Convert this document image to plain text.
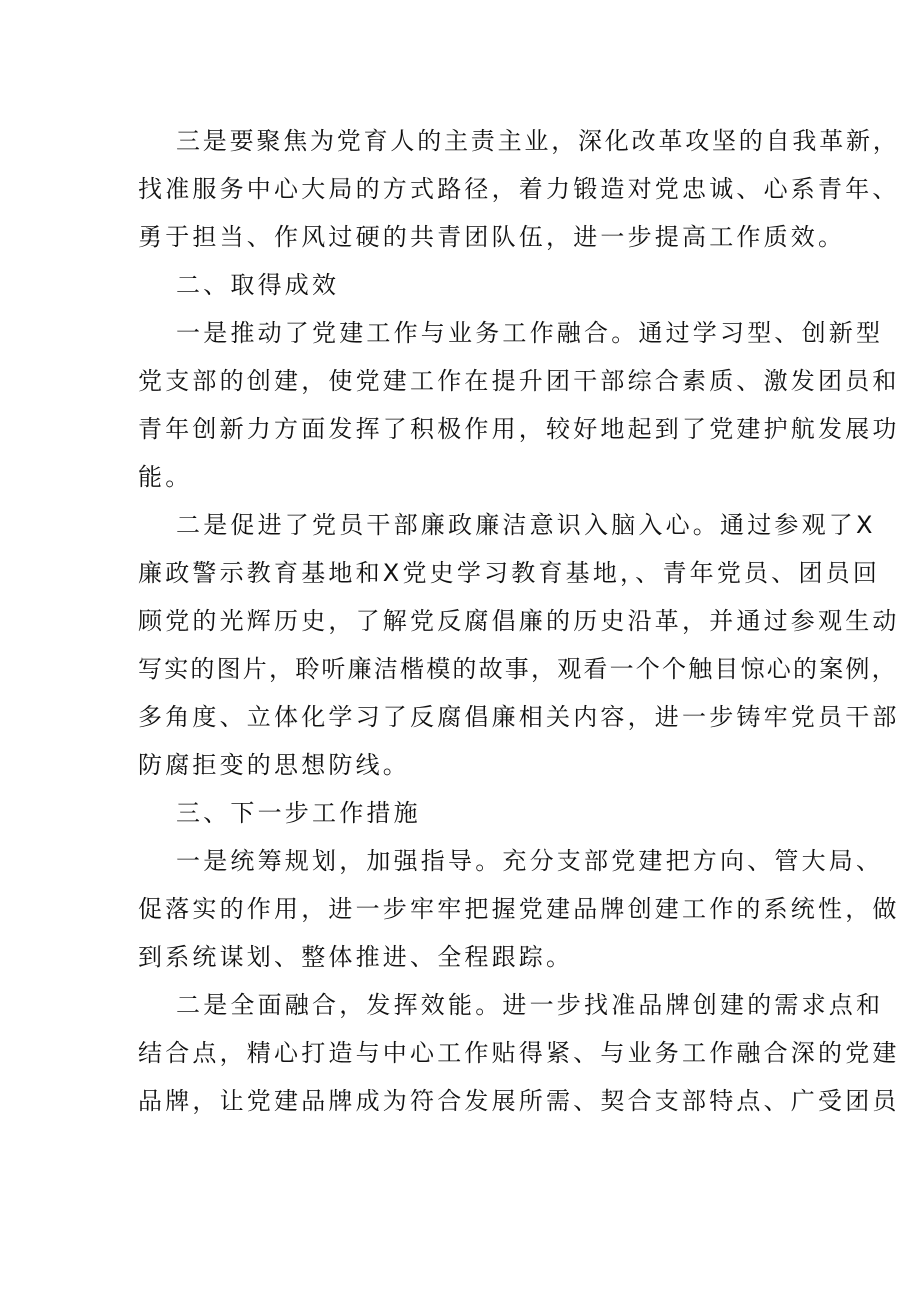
三是要聚焦为党育人的主责主业，深化改革攻坚的自我革新，
找准服务中心大局的方式路径，着力锻造对党忠诚、心系青年、
勇于担当、作风过硬的共青团队伍，进一步提高工作质效。
二、取得成效
一是推动了党建工作与业务工作融合。通过学习型、创新型
党支部的创建，使党建工作在提升团干部综合素质、激发团员和
青年创新力方面发挥了积极作用，较好地起到了党建护航发展功
能。
二是促进了党员干部廉政廉洁意识入脑入心。通过参观了X
廉政警示教育基地和X党史学习教育基地，、青年党员、团员回
顾党的光辉历史，了解党反腐倡廉的历史沿革，并通过参观生动
写实的图片，聆听廉洁楷模的故事，观看一个个触目惊心的案例，
多角度、立体化学习了反腐倡廉相关内容，进一步铸牢党员干部
防腐拒变的思想防线。
三、下一步工作措施
一是统筹规划，加强指导。充分支部党建把方向、管大局、
促落实的作用，进一步牢牢把握党建品牌创建工作的系统性，做
到系统谋划、整体推进、全程跟踪。
二是全面融合，发挥效能。进一步找准品牌创建的需求点和
结合点，精心打造与中心工作贴得紧、与业务工作融合深的党建
品牌，让党建品牌成为符合发展所需、契合支部特点、广受团员
